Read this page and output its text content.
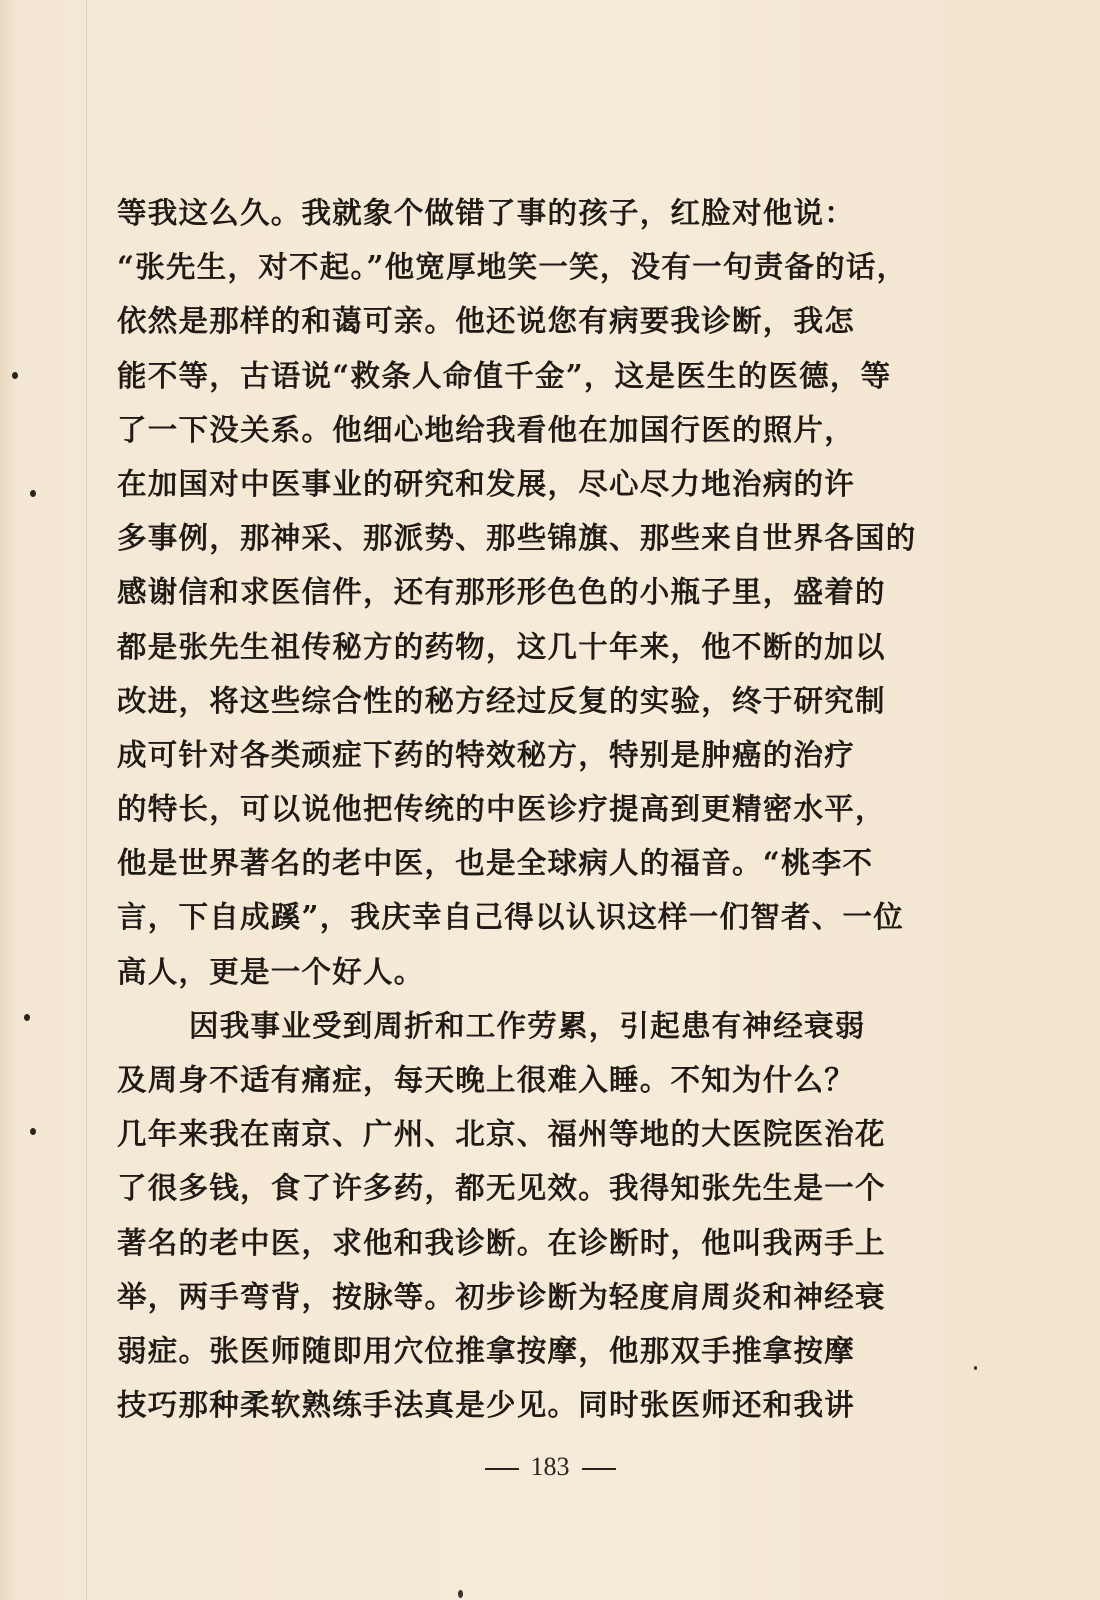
等我这么久。我就象个做错了事的孩子，红脸对他说：
“张先生，对不起。”他宽厚地笑一笑，没有一句责备的话，
依然是那样的和蔼可亲。他还说您有病要我诊断，我怎
能不等，古语说“救条人命值千金”，这是医生的医德，等
了一下没关系。他细心地给我看他在加国行医的照片，
在加国对中医事业的研究和发展，尽心尽力地治病的许
多事例，那神采、那派势、那些锦旗、那些来自世界各国的
感谢信和求医信件，还有那形形色色的小瓶子里，盛着的
都是张先生祖传秘方的药物，这几十年来，他不断的加以
改进，将这些综合性的秘方经过反复的实验，终于研究制
成可针对各类顽症下药的特效秘方，特别是肿癌的治疗
的特长，可以说他把传统的中医诊疗提高到更精密水平，
他是世界著名的老中医，也是全球病人的福音。“桃李不
言，下自成蹊”，我庆幸自己得以认识这样一们智者、一位
高人，更是一个好人。
因我事业受到周折和工作劳累，引起患有神经衰弱
及周身不适有痛症，每天晚上很难入睡。不知为什么？
几年来我在南京、广州、北京、福州等地的大医院医治花
了很多钱，食了许多药，都无见效。我得知张先生是一个
著名的老中医，求他和我诊断。在诊断时，他叫我两手上
举，两手弯背，按脉等。初步诊断为轻度肩周炎和神经衰
弱症。张医师随即用穴位推拿按摩，他那双手推拿按摩
技巧那种柔软熟练手法真是少见。同时张医师还和我讲
183
